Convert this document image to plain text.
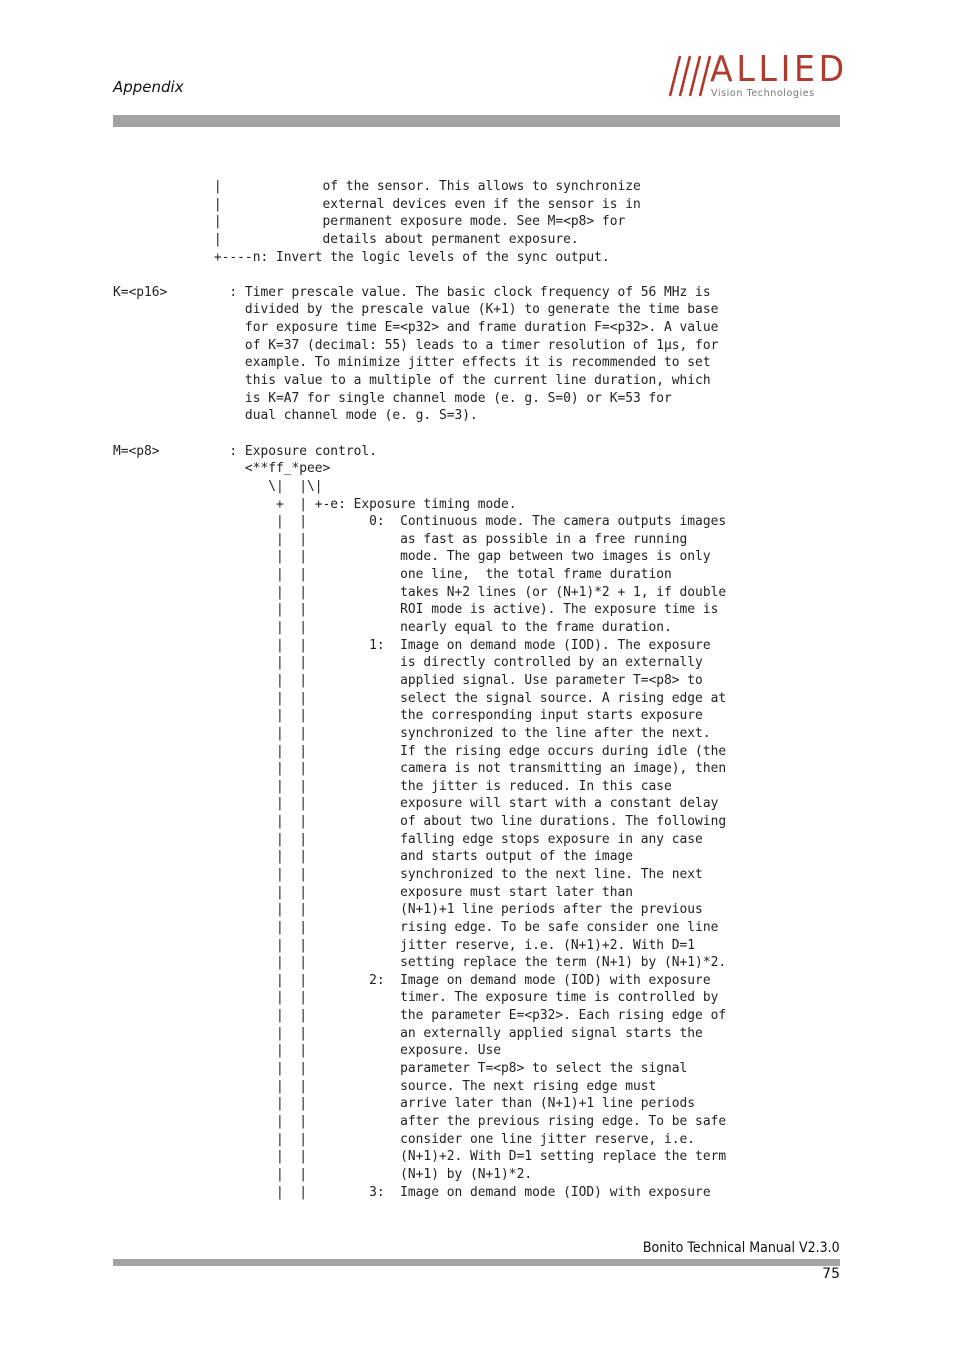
Appendix	ALLIED
Vision Technologies
|             of the sensor. This allows to synchronize
|             external devices even if the sensor is in
|             permanent exposure mode. See M=<p8> for
|             details about permanent exposure.
+----n: Invert the logic levels of the sync output.
K=<p16>        : Timer prescale value. The basic clock frequency of 56 MHz is
divided by the prescale value (K+1) to generate the time base
for exposure time E=<p32> and frame duration F=<p32>. A value
of K=37 (decimal: 55) leads to a timer resolution of 1μs, for
example. To minimize jitter effects it is recommended to set
this value to a multiple of the current line duration, which
is K=A7 for single channel mode (e. g. S=0) or K=53 for
dual channel mode (e. g. S=3).
M=<p8>         : Exposure control.
<**ff_*pee>
\|  |\|
+  | +-e: Exposure timing mode.
|  |        0:  Continuous mode. The camera outputs images
|  |            as fast as possible in a free running
|  |            mode. The gap between two images is only
|  |            one line,  the total frame duration
|  |            takes N+2 lines (or (N+1)*2 + 1, if double
|  |            ROI mode is active). The exposure time is
|  |            nearly equal to the frame duration.
|  |        1:  Image on demand mode (IOD). The exposure
|  |            is directly controlled by an externally
|  |            applied signal. Use parameter T=<p8> to
|  |            select the signal source. A rising edge at
|  |            the corresponding input starts exposure
|  |            synchronized to the line after the next.
|  |            If the rising edge occurs during idle (the
|  |            camera is not transmitting an image), then
|  |            the jitter is reduced. In this case
|  |            exposure will start with a constant delay
|  |            of about two line durations. The following
|  |            falling edge stops exposure in any case
|  |            and starts output of the image
|  |            synchronized to the next line. The next
|  |            exposure must start later than
|  |            (N+1)+1 line periods after the previous
|  |            rising edge. To be safe consider one line
|  |            jitter reserve, i.e. (N+1)+2. With D=1
|  |            setting replace the term (N+1) by (N+1)*2.
|  |        2:  Image on demand mode (IOD) with exposure
|  |            timer. The exposure time is controlled by
|  |            the parameter E=<p32>. Each rising edge of
|  |            an externally applied signal starts the
|  |            exposure. Use
|  |            parameter T=<p8> to select the signal
|  |            source. The next rising edge must
|  |            arrive later than (N+1)+1 line periods
|  |            after the previous rising edge. To be safe
|  |            consider one line jitter reserve, i.e.
|  |            (N+1)+2. With D=1 setting replace the term
|  |            (N+1) by (N+1)*2.
|  |        3:  Image on demand mode (IOD) with exposure
Bonito Technical Manual V2.3.0
75
